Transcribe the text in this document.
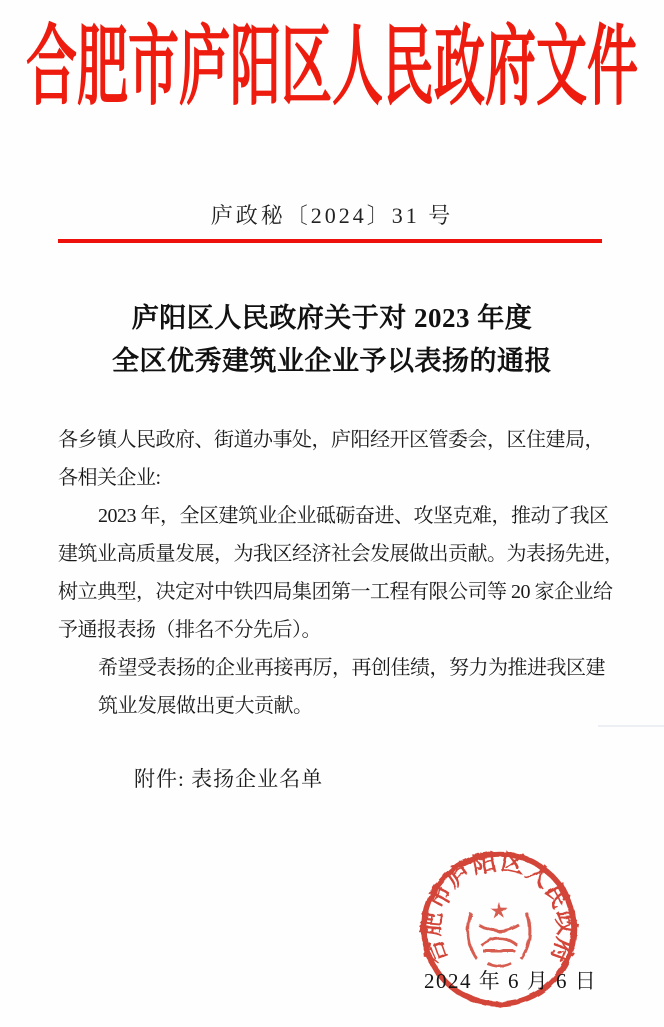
合肥市庐阳区人民政府文件
庐政秘〔2024〕31 号
庐阳区人民政府关于对 2023 年度
全区优秀建筑业企业予以表扬的通报
各乡镇人民政府、街道办事处，庐阳经开区管委会，区住建局，
各相关企业:
2023 年，全区建筑业企业砥砺奋进、攻坚克难，推动了我区
建筑业高质量发展，为我区经济社会发展做出贡献。为表扬先进，
树立典型，决定对中铁四局集团第一工程有限公司等 20 家企业给
予通报表扬（排名不分先后）。
希望受表扬的企业再接再厉，再创佳绩，努力为推进我区建
筑业发展做出更大贡献。
附件: 表扬企业名单
合肥市庐阳区人民政府
2024 年 6 月 6 日
